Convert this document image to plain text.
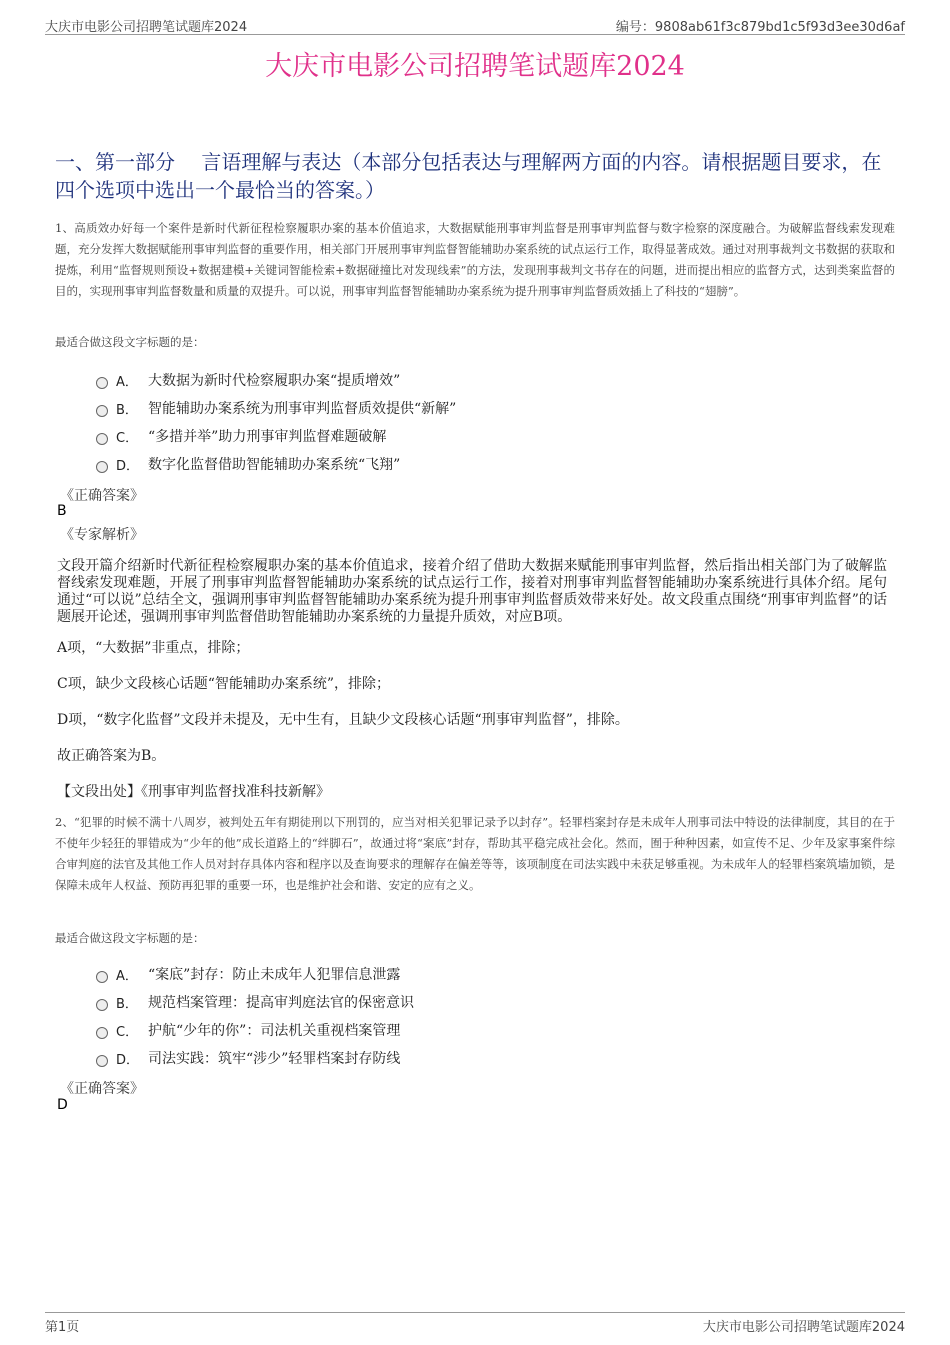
大庆市电影公司招聘笔试题库2024	编号：9808ab61f3c879bd1c5f93d3ee30d6af
大庆市电影公司招聘笔试题库2024
一、第一部分　 言语理解与表达（本部分包括表达与理解两方面的内容。请根据题目要求，在四个选项中选出一个最恰当的答案。）
1、高质效办好每一个案件是新时代新征程检察履职办案的基本价值追求，大数据赋能刑事审判监督是刑事审判监督与数字检察的深度融合。为破解监督线索发现难题，充分发挥大数据赋能刑事审判监督的重要作用，相关部门开展刑事审判监督智能辅助办案系统的试点运行工作，取得显著成效。通过对刑事裁判文书数据的获取和提炼，利用“监督规则预设+数据建模+关键词智能检索+数据碰撞比对发现线索”的方法，发现刑事裁判文书存在的问题，进而提出相应的监督方式，达到类案监督的目的，实现刑事审判监督数量和质量的双提升。可以说，刑事审判监督智能辅助办案系统为提升刑事审判监督质效插上了科技的“翅膀”。
最适合做这段文字标题的是：
A． 大数据为新时代检察履职办案“提质增效”
B． 智能辅助办案系统为刑事审判监督质效提供“新解”
C． “多措并举”助力刑事审判监督难题破解
D． 数字化监督借助智能辅助办案系统“飞翔”
《正确答案》
B
《专家解析》

文段开篇介绍新时代新征程检察履职办案的基本价值追求，接着介绍了借助大数据来赋能刑事审判监督，然后指出相关部门为了破解监督线索发现难题，开展了刑事审判监督智能辅助办案系统的试点运行工作，接着对刑事审判监督智能辅助办案系统进行具体介绍。尾句通过“可以说”总结全文，强调刑事审判监督智能辅助办案系统为提升刑事审判监督质效带来好处。故文段重点围绕“刑事审判监督”的话题展开论述，强调刑事审判监督借助智能辅助办案系统的力量提升质效，对应B项。

A项，“大数据”非重点，排除；

C项，缺少文段核心话题“智能辅助办案系统”，排除；

D项，“数字化监督”文段并未提及，无中生有，且缺少文段核心话题“刑事审判监督”，排除。

故正确答案为B。

【文段出处】《刑事审判监督找准科技新解》

2、“犯罪的时候不满十八周岁，被判处五年有期徒刑以下刑罚的，应当对相关犯罪记录予以封存”。轻罪档案封存是未成年人刑事司法中特设的法律制度，其目的在于不使年少轻狂的罪错成为“少年的他”成长道路上的“绊脚石”，故通过将“案底”封存，帮助其平稳完成社会化。然而，囿于种种因素，如宣传不足、少年及家事案件综合审判庭的法官及其他工作人员对封存具体内容和程序以及查询要求的理解存在偏差等等，该项制度在司法实践中未获足够重视。为未成年人的轻罪档案筑墙加锁，是保障未成年人权益、预防再犯罪的重要一环，也是维护社会和谐、安定的应有之义。
最适合做这段文字标题的是：
A． “案底”封存：防止未成年人犯罪信息泄露
B． 规范档案管理：提高审判庭法官的保密意识
C． 护航“少年的你”：司法机关重视档案管理
D． 司法实践：筑牢“涉少”轻罪档案封存防线
《正确答案》
D
第1页	大庆市电影公司招聘笔试题库2024
